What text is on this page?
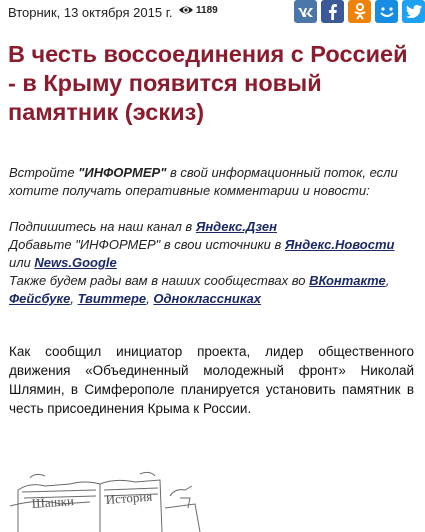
Вторник, 13 октября 2015 г. 1189
В честь воссоединения с Россией - в Крыму появится новый памятник (эскиз)

Встройте "ИНФОРМЕР" в свой информационный поток, если хотите получать оперативные комментарии и новости:

Подпишитесь на наш канал в Яндекс.Дзен
Добавьте "ИНФОРМЕР" в свои источники в Яндекс.Новости
или News.Google
Также будем рады вам в наших сообществах во ВКонтакте, Фейсбуке, Твиттере, Одноклассниках

Как сообщил инициатор проекта, лидер общественного движения «Объединенный молодежный фронт» Николай Шлямин, в Симферополе планируется установить памятник в честь присоединения Крыма к России.

Шашки История
